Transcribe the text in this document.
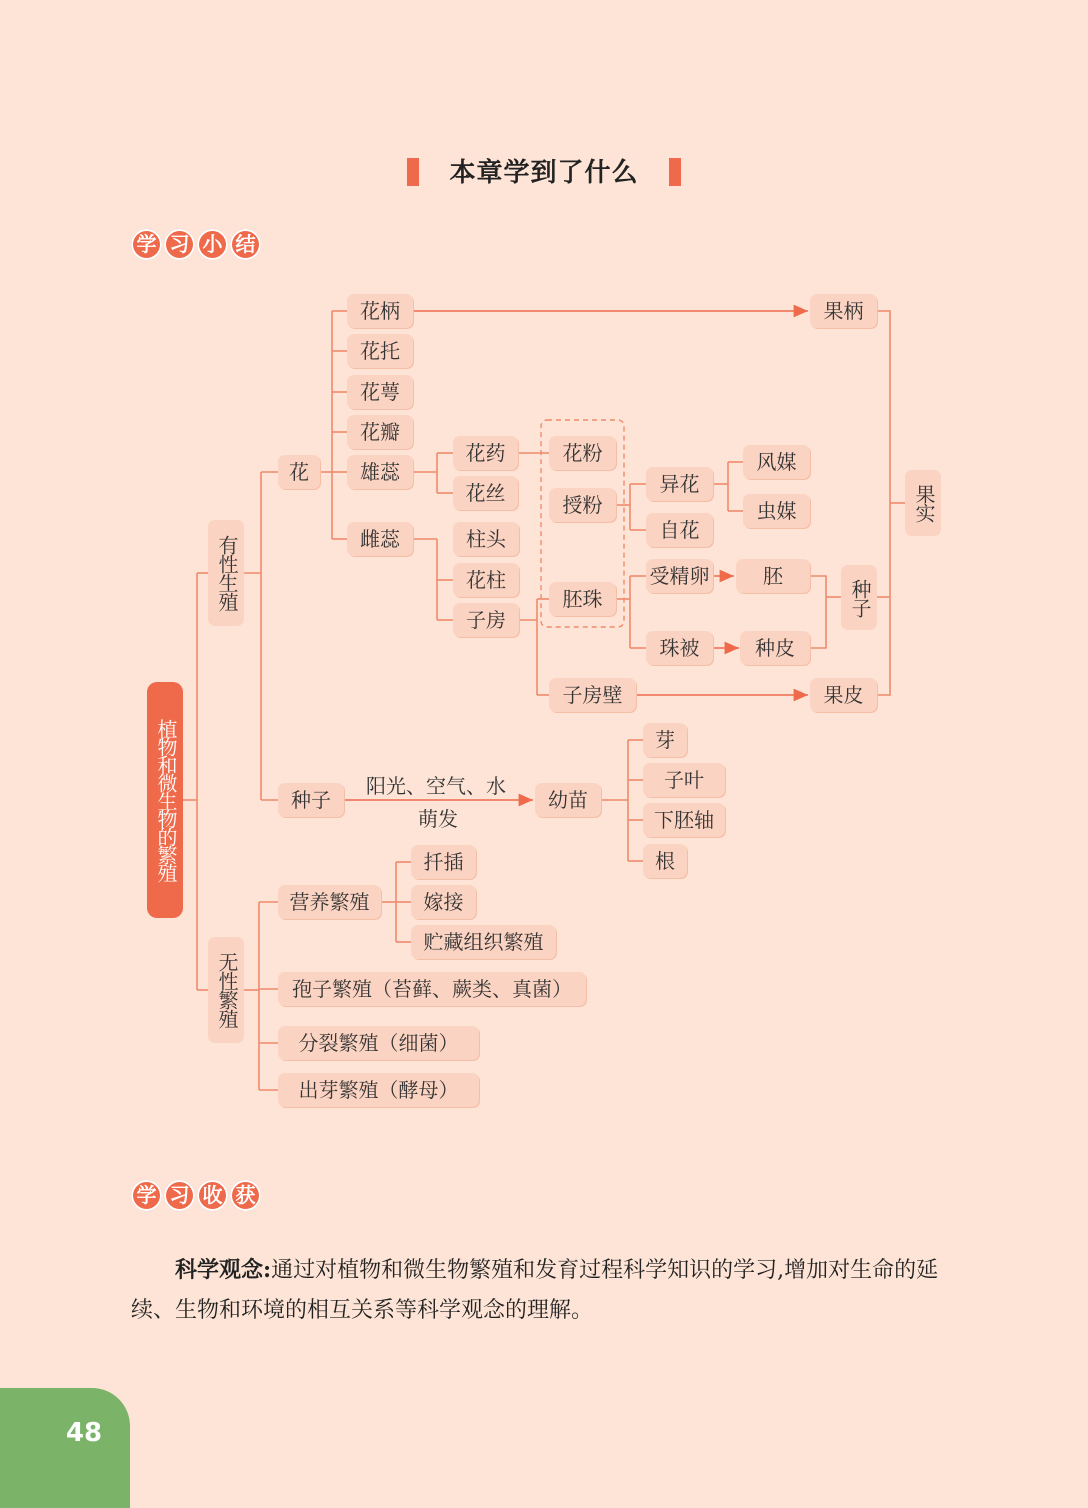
本章学到了什么
学 习 小 结
植物和微生物的繁殖
有性生殖
无性繁殖
花
花柄
花托
花萼
花瓣
雄蕊
雌蕊
花药
花丝
柱头
花柱
子房
花粉
授粉
胚珠
子房壁
异花
自花
风媒
虫媒
受精卵
珠被
胚
种皮
种子
果柄
果皮
果实
种子
阳光、空气、水
萌发
幼苗
芽
子叶
下胚轴
根
营养繁殖
扦插
嫁接
贮藏组织繁殖
孢子繁殖（苔藓、蕨类、真菌）
分裂繁殖（细菌）
出芽繁殖（酵母）
学 习 收 获
科学观念:通过对植物和微生物繁殖和发育过程科学知识的学习,增加对生命的延续、生物和环境的相互关系等科学观念的理解。
48
